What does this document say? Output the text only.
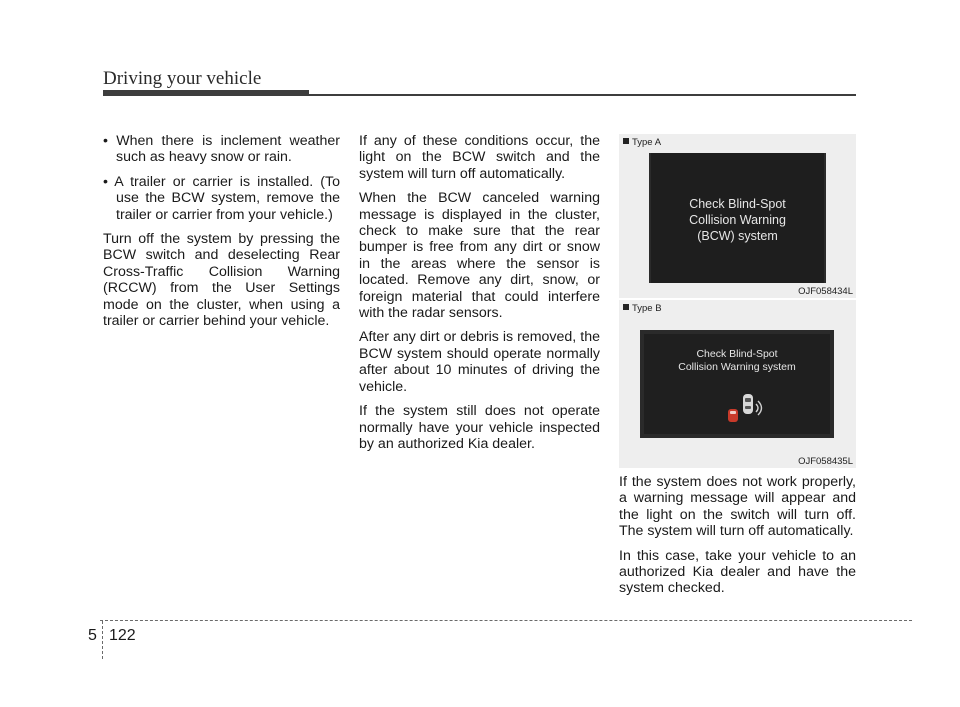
Driving your vehicle

• When there is inclement weather such as heavy snow or rain.

• A trailer or carrier is installed. (To use the BCW system, remove the trailer or carrier from your vehicle.)

Turn off the system by pressing the BCW switch and deselecting Rear Cross-Traffic Collision Warning (RCCW) from the User Settings mode on the cluster, when using a trailer or carrier behind your vehicle.

If any of these conditions occur, the light on the BCW switch and the system will turn off automatically.

When the BCW canceled warning message is displayed in the cluster, check to make sure that the rear bumper is free from any dirt or snow in the areas where the sensor is located. Remove any dirt, snow, or foreign material that could interfere with the radar sensors.

After any dirt or debris is removed, the BCW system should operate normally after about 10 minutes of driving the vehicle.

If the system still does not operate normally have your vehicle inspected by an authorized Kia dealer.

Type A
Check Blind-Spot
Collision Warning
(BCW) system
OJF058434L
Type B
Check Blind-Spot
Collision Warning system
OJF058435L

If the system does not work properly, a warning message will appear and the light on the switch will turn off. The system will turn off automatically.

In this case, take your vehicle to an authorized Kia dealer and have the system checked.

5 122
